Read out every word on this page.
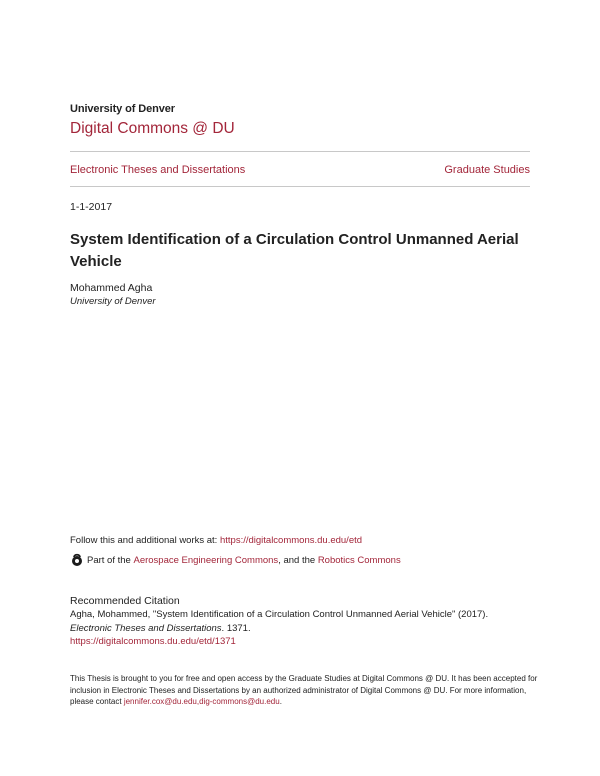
University of Denver
Digital Commons @ DU
Electronic Theses and Dissertations	Graduate Studies
1-1-2017
System Identification of a Circulation Control Unmanned Aerial Vehicle
Mohammed Agha
University of Denver
Follow this and additional works at: https://digitalcommons.du.edu/etd
Part of the
Aerospace Engineering Commons , and the
Robotics Commons
Recommended Citation
Agha, Mohammed, "System Identification of a Circulation Control Unmanned Aerial Vehicle" (2017).
Electronic Theses and Dissertations. 1371.
https://digitalcommons.du.edu/etd/1371
This Thesis is brought to you for free and open access by the Graduate Studies at Digital Commons @ DU. It has been accepted for inclusion in Electronic Theses and Dissertations by an authorized administrator of Digital Commons @ DU. For more information, please contact jennifer.cox@du.edu,dig-commons@du.edu.
